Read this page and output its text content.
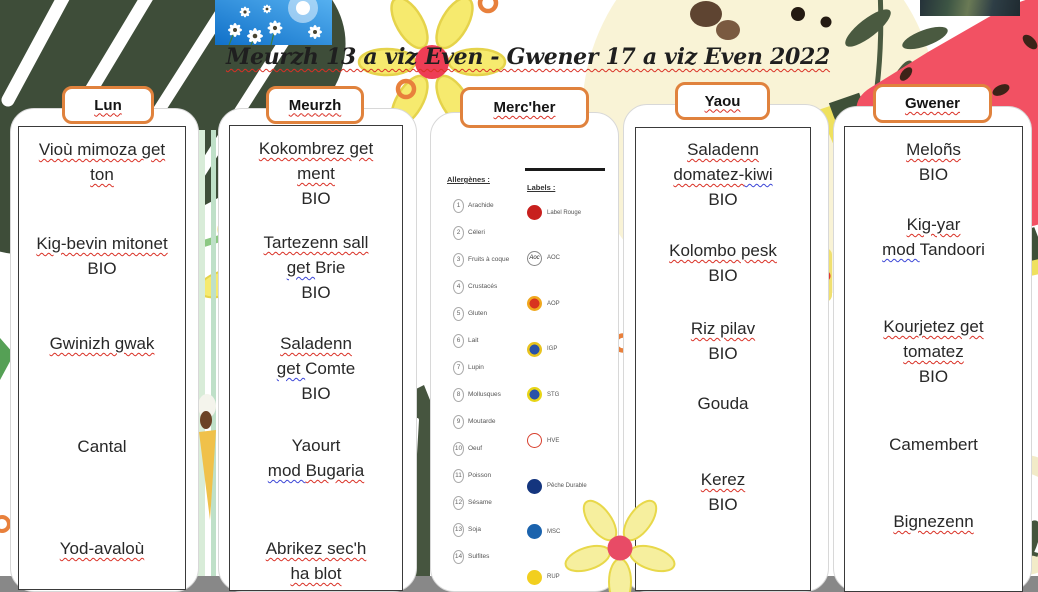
Meurzh 13 a viz Even - Gwener 17 a viz Even 2022
Lun	Meurzh	Merc'her	Yaou	Gwener
Vioù mimoza get
ton
Kig-bevin mitonet
BIO
Gwinizh gwak
Cantal
Yod-avaloù
Kokombrez get
ment
BIO
Tartezenn sall
get Brie
BIO
Saladenn
get Comte
BIO
Yaourt
mod Bugaria
Abrikez sec'h
ha blot
Allergènes :
Labels :
1	Arachide
2	Céleri
3	Fruits à coque
4	Crustacés
5	Gluten
6	Lait
7	Lupin
8	Mollusques
9	Moutarde
10 Oeuf
11 Poisson
12 Sésame
13 Soja
14 Sulfites
Label Rouge
Aoc	AOC
AOP
IGP
STG
HVE
Pêche Durable
MSC
RUP
Saladenn
domatez-kiwi
BIO
Kolombo pesk
BIO
Riz pilav
BIO
Gouda
Kerez
BIO
Meloñs
BIO
Kig-yar
mod Tandoori
Kourjetez get
tomatez
BIO
Camembert
Bignezenn
